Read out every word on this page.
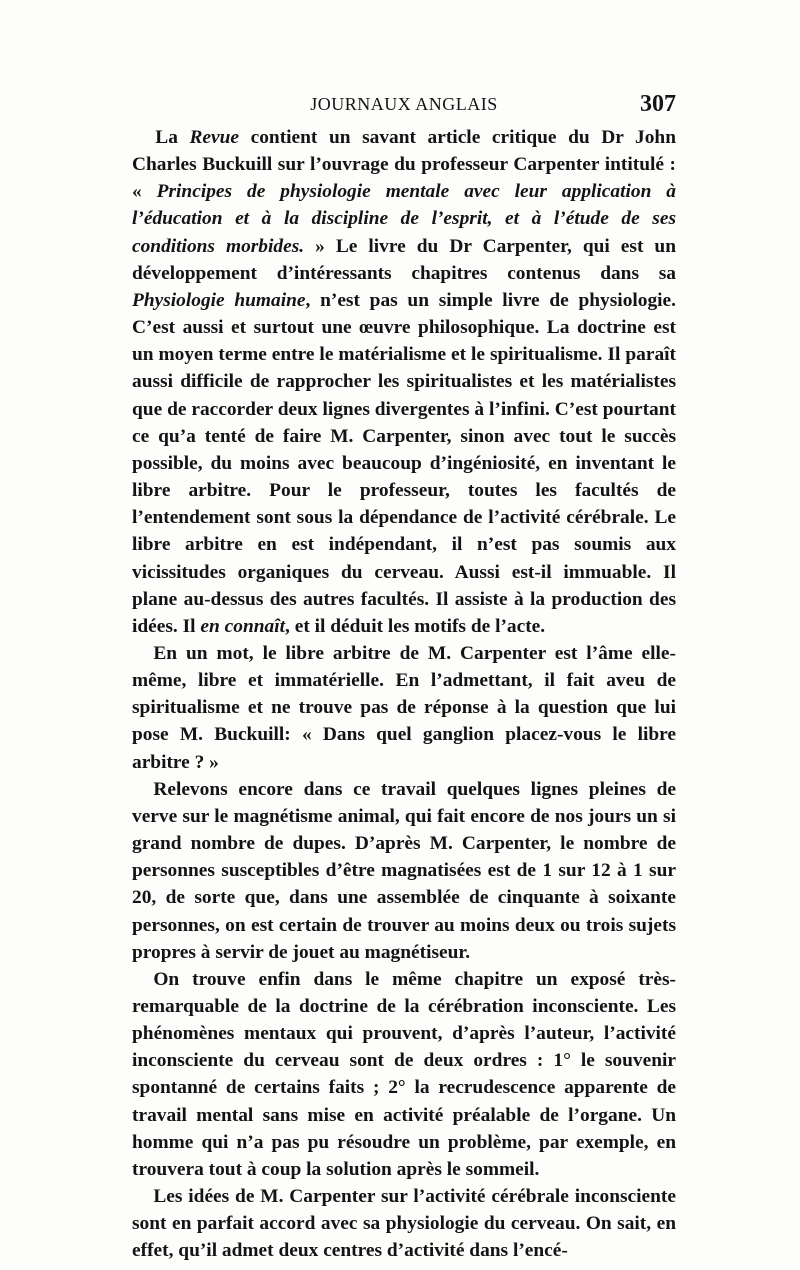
JOURNAUX ANGLAIS	307

La Revue contient un savant article critique du Dr John Charles Buckuill sur l’ouvrage du professeur Carpenter intitulé : « Principes de physiologie mentale avec leur application à l’éducation et à la discipline de l’esprit, et à l’étude de ses conditions morbides. » Le livre du Dr Carpenter, qui est un développement d’intéressants chapitres contenus dans sa Physiologie humaine, n’est pas un simple livre de physiologie. C’est aussi et surtout une œuvre philosophique. La doctrine est un moyen terme entre le matérialisme et le spiritualisme. Il paraît aussi difficile de rapprocher les spiritualistes et les matérialistes que de raccorder deux lignes divergentes à l’infini. C’est pourtant ce qu’a tenté de faire M. Carpenter, sinon avec tout le succès possible, du moins avec beaucoup d’ingéniosité, en inventant le libre arbitre. Pour le professeur, toutes les facultés de l’entendement sont sous la dépendance de l’activité cérébrale. Le libre arbitre en est indépendant, il n’est pas soumis aux vicissitudes organiques du cerveau. Aussi est-il immuable. Il plane au-dessus des autres facultés. Il assiste à la production des idées. Il en connaît, et il déduit les motifs de l’acte.

En un mot, le libre arbitre de M. Carpenter est l’âme elle-même, libre et immatérielle. En l’admettant, il fait aveu de spiritualisme et ne trouve pas de réponse à la question que lui pose M. Buckuill: « Dans quel ganglion placez-vous le libre arbitre ? »

Relevons encore dans ce travail quelques lignes pleines de verve sur le magnétisme animal, qui fait encore de nos jours un si grand nombre de dupes. D’après M. Carpenter, le nombre de personnes susceptibles d’être magnatisées est de 1 sur 12 à 1 sur 20, de sorte que, dans une assemblée de cinquante à soixante personnes, on est certain de trouver au moins deux ou trois sujets propres à servir de jouet au magnétiseur.

On trouve enfin dans le même chapitre un exposé très-remarquable de la doctrine de la cérébration inconsciente. Les phénomènes mentaux qui prouvent, d’après l’auteur, l’activité inconsciente du cerveau sont de deux ordres : 1° le souvenir spontanné de certains faits ; 2° la recrudescence apparente de travail mental sans mise en activité préalable de l’organe. Un homme qui n’a pas pu résoudre un problème, par exemple, en trouvera tout à coup la solution après le sommeil.

Les idées de M. Carpenter sur l’activité cérébrale inconsciente sont en parfait accord avec sa physiologie du cerveau. On sait, en effet, qu’il admet deux centres d’activité dans l’encé-
